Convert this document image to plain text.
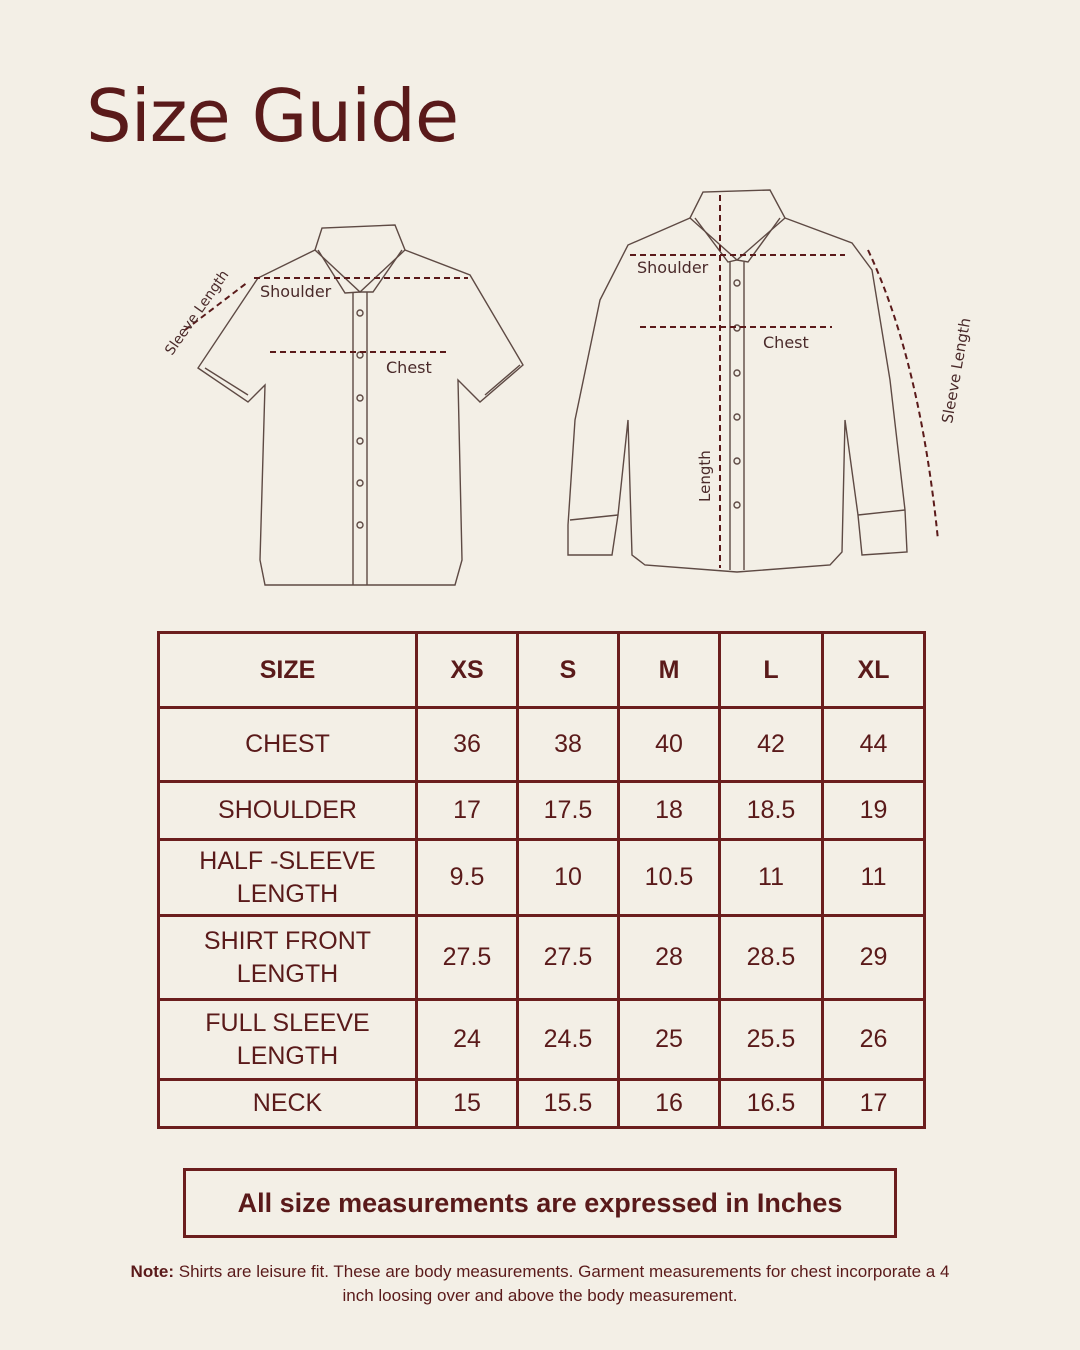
Size Guide
Shoulder
Chest
Sleeve Length	Shoulder
Chest
Length
Sleeve Length
SIZE	XS	S	M	L	XL
CHEST	36	38	40	42	44
SHOULDER	17	17.5	18	18.5	19
HALF -SLEEVE
LENGTH	9.5	10	10.5	11	11
SHIRT FRONT
LENGTH	27.5	27.5	28	28.5	29
FULL SLEEVE
LENGTH	24	24.5	25	25.5	26
NECK	15	15.5	16	16.5	17
All size measurements are expressed in Inches
Note: Shirts are leisure fit. These are body measurements. Garment measurements for chest incorporate a 4 inch loosing over and above the body measurement.
